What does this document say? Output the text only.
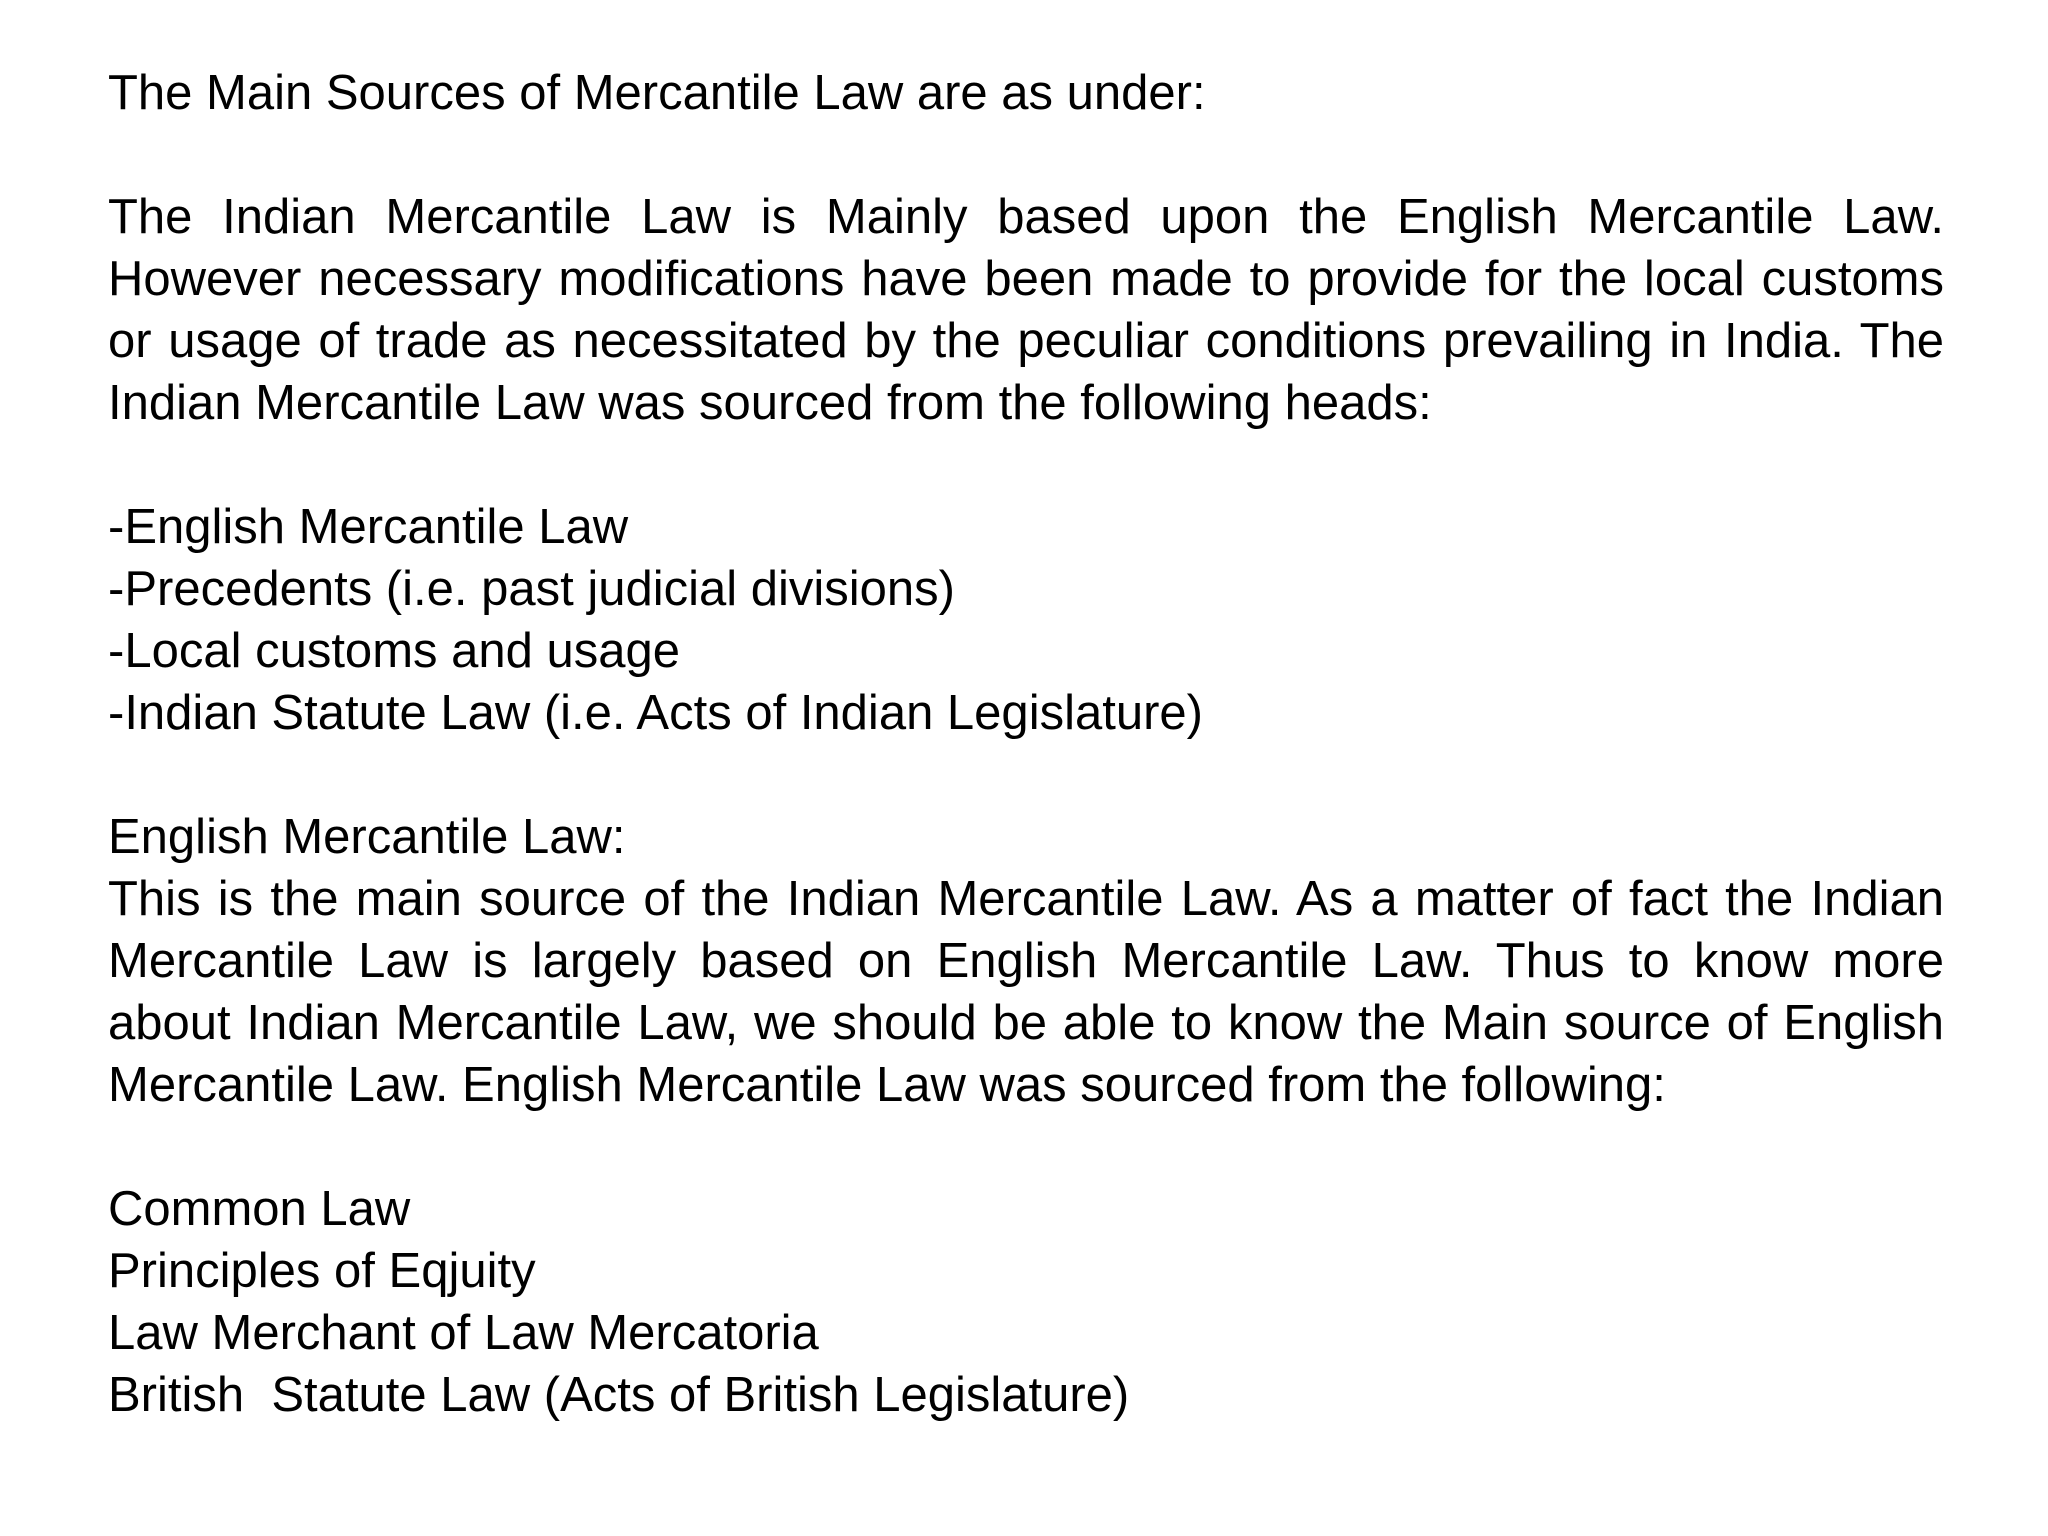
The Main Sources of Mercantile Law are as under:

The Indian Mercantile Law is Mainly based upon the English Mercantile Law. However necessary modifications have been made to provide for the local customs or usage of trade as necessitated by the peculiar conditions prevailing in India. The Indian Mercantile Law was sourced from the following heads:

-English Mercantile Law
-Precedents (i.e. past judicial divisions)
-Local customs and usage
-Indian Statute Law (i.e. Acts of Indian Legislature)

English Mercantile Law:

This is the main source of the Indian Mercantile Law. As a matter of fact the Indian Mercantile Law is largely based on English Mercantile Law. Thus to know more about Indian Mercantile Law, we should be able to know the Main source of English Mercantile Law. English Mercantile Law was sourced from the following:

Common Law
Principles of Eqjuity
Law Merchant of Law Mercatoria
British  Statute Law (Acts of British Legislature)
